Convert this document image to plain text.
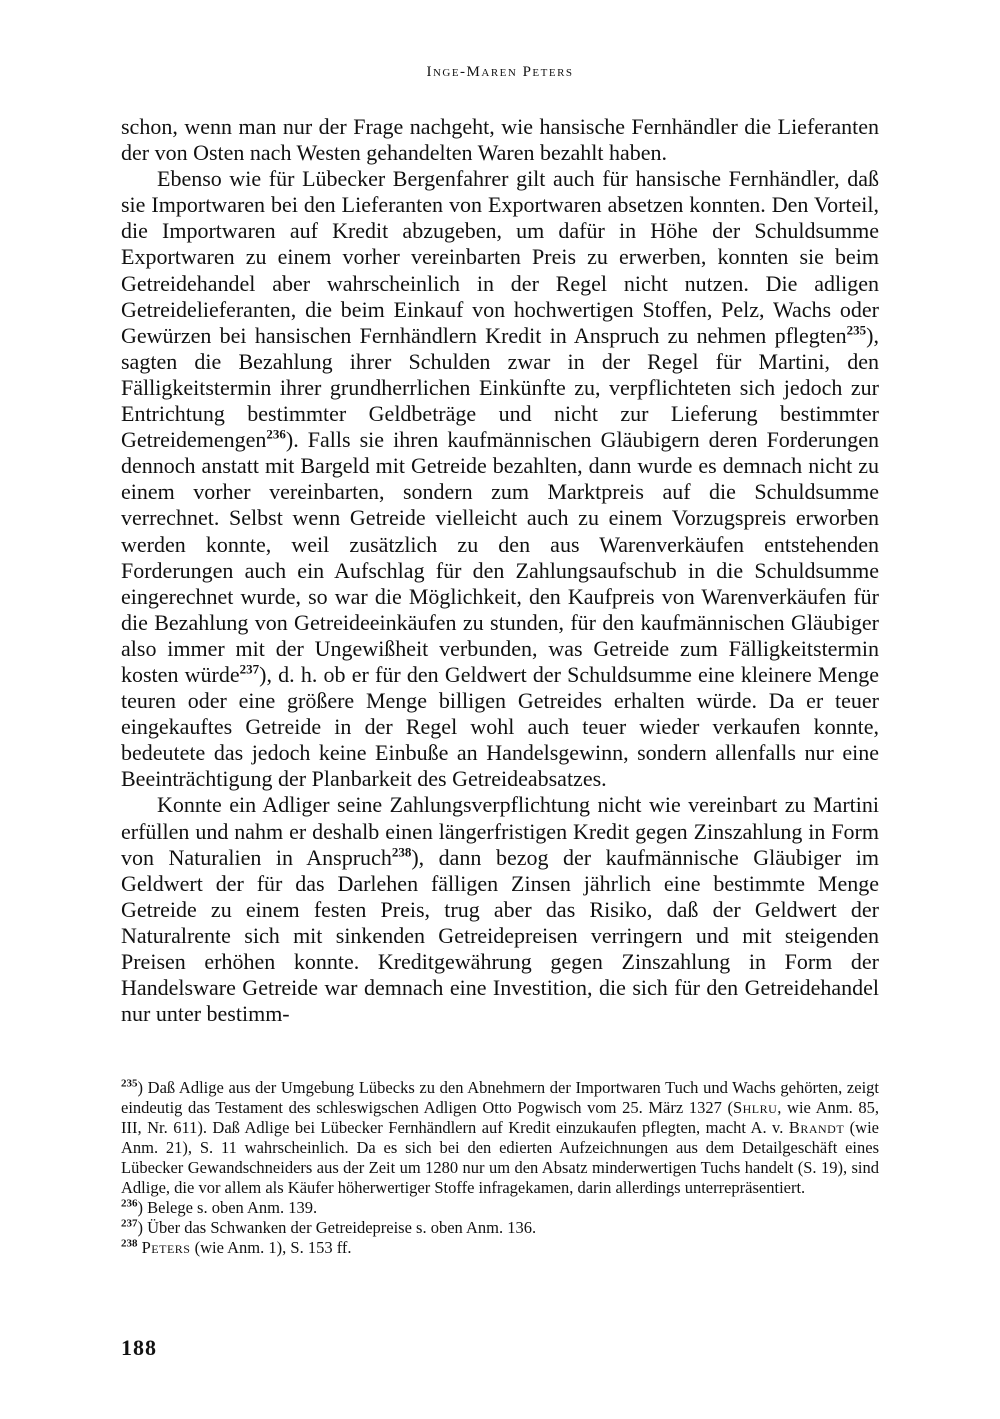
Inge-Maren Peters

schon, wenn man nur der Frage nachgeht, wie hansische Fernhändler die Lieferanten der von Osten nach Westen gehandelten Waren bezahlt haben.

Ebenso wie für Lübecker Bergenfahrer gilt auch für hansische Fernhändler, daß sie Importwaren bei den Lieferanten von Exportwaren absetzen konnten. Den Vorteil, die Importwaren auf Kredit abzugeben, um dafür in Höhe der Schuldsumme Exportwaren zu einem vorher vereinbarten Preis zu erwerben, konnten sie beim Getreidehandel aber wahrscheinlich in der Regel nicht nutzen. Die adligen Getreidelieferanten, die beim Einkauf von hochwertigen Stoffen, Pelz, Wachs oder Gewürzen bei hansischen Fernhändlern Kredit in Anspruch zu nehmen pflegten$^{235}$), sagten die Bezahlung ihrer Schulden zwar in der Regel für Martini, den Fälligkeitstermin ihrer grundherrlichen Einkünfte zu, verpflichteten sich jedoch zur Entrichtung bestimmter Geldbeträge und nicht zur Lieferung bestimmter Getreidemengen$^{236}$). Falls sie ihren kaufmännischen Gläubigern deren Forderungen dennoch anstatt mit Bargeld mit Getreide bezahlten, dann wurde es demnach nicht zu einem vorher vereinbarten, sondern zum Marktpreis auf die Schuldsumme verrechnet. Selbst wenn Getreide vielleicht auch zu einem Vorzugspreis erworben werden konnte, weil zusätzlich zu den aus Warenverkäufen entstehenden Forderungen auch ein Aufschlag für den Zahlungsaufschub in die Schuldsumme eingerechnet wurde, so war die Möglichkeit, den Kaufpreis von Warenverkäufen für die Bezahlung von Getreideeinkäufen zu stunden, für den kaufmännischen Gläubiger also immer mit der Ungewißheit verbunden, was Getreide zum Fälligkeitstermin kosten würde$^{237}$), d. h. ob er für den Geldwert der Schuldsumme eine kleinere Menge teuren oder eine größere Menge billigen Getreides erhalten würde. Da er teuer eingekauftes Getreide in der Regel wohl auch teuer wieder verkaufen konnte, bedeutete das jedoch keine Einbuße an Handelsgewinn, sondern allenfalls nur eine Beeinträchtigung der Planbarkeit des Getreideabsatzes.

Konnte ein Adliger seine Zahlungsverpflichtung nicht wie vereinbart zu Martini erfüllen und nahm er deshalb einen längerfristigen Kredit gegen Zinszahlung in Form von Naturalien in Anspruch$^{238}$), dann bezog der kaufmännische Gläubiger im Geldwert der für das Darlehen fälligen Zinsen jährlich eine bestimmte Menge Getreide zu einem festen Preis, trug aber das Risiko, daß der Geldwert der Naturalrente sich mit sinkenden Getreidepreisen verringern und mit steigenden Preisen erhöhen konnte. Kreditgewährung gegen Zinszahlung in Form der Handelsware Getreide war demnach eine Investition, die sich für den Getreidehandel nur unter bestimm-

$^{235}$) Daß Adlige aus der Umgebung Lübecks zu den Abnehmern der Importwaren Tuch und Wachs gehörten, zeigt eindeutig das Testament des schleswigschen Adligen Otto Pogwisch vom 25. März 1327 (Shlru, wie Anm. 85, III, Nr. 611). Daß Adlige bei Lübecker Fernhändlern auf Kredit einzukaufen pflegten, macht A. v. Brandt (wie Anm. 21), S. 11 wahrscheinlich. Da es sich bei den edierten Aufzeichnungen aus dem Detailgeschäft eines Lübecker Gewandschneiders aus der Zeit um 1280 nur um den Absatz minderwertigen Tuchs handelt (S. 19), sind Adlige, die vor allem als Käufer höherwertiger Stoffe infragekamen, darin allerdings unterrepräsentiert.

$^{236}$) Belege s. oben Anm. 139.

$^{237}$) Über das Schwanken der Getreidepreise s. oben Anm. 136.

$^{238}$ Peters (wie Anm. 1), S. 153 ff.

188
